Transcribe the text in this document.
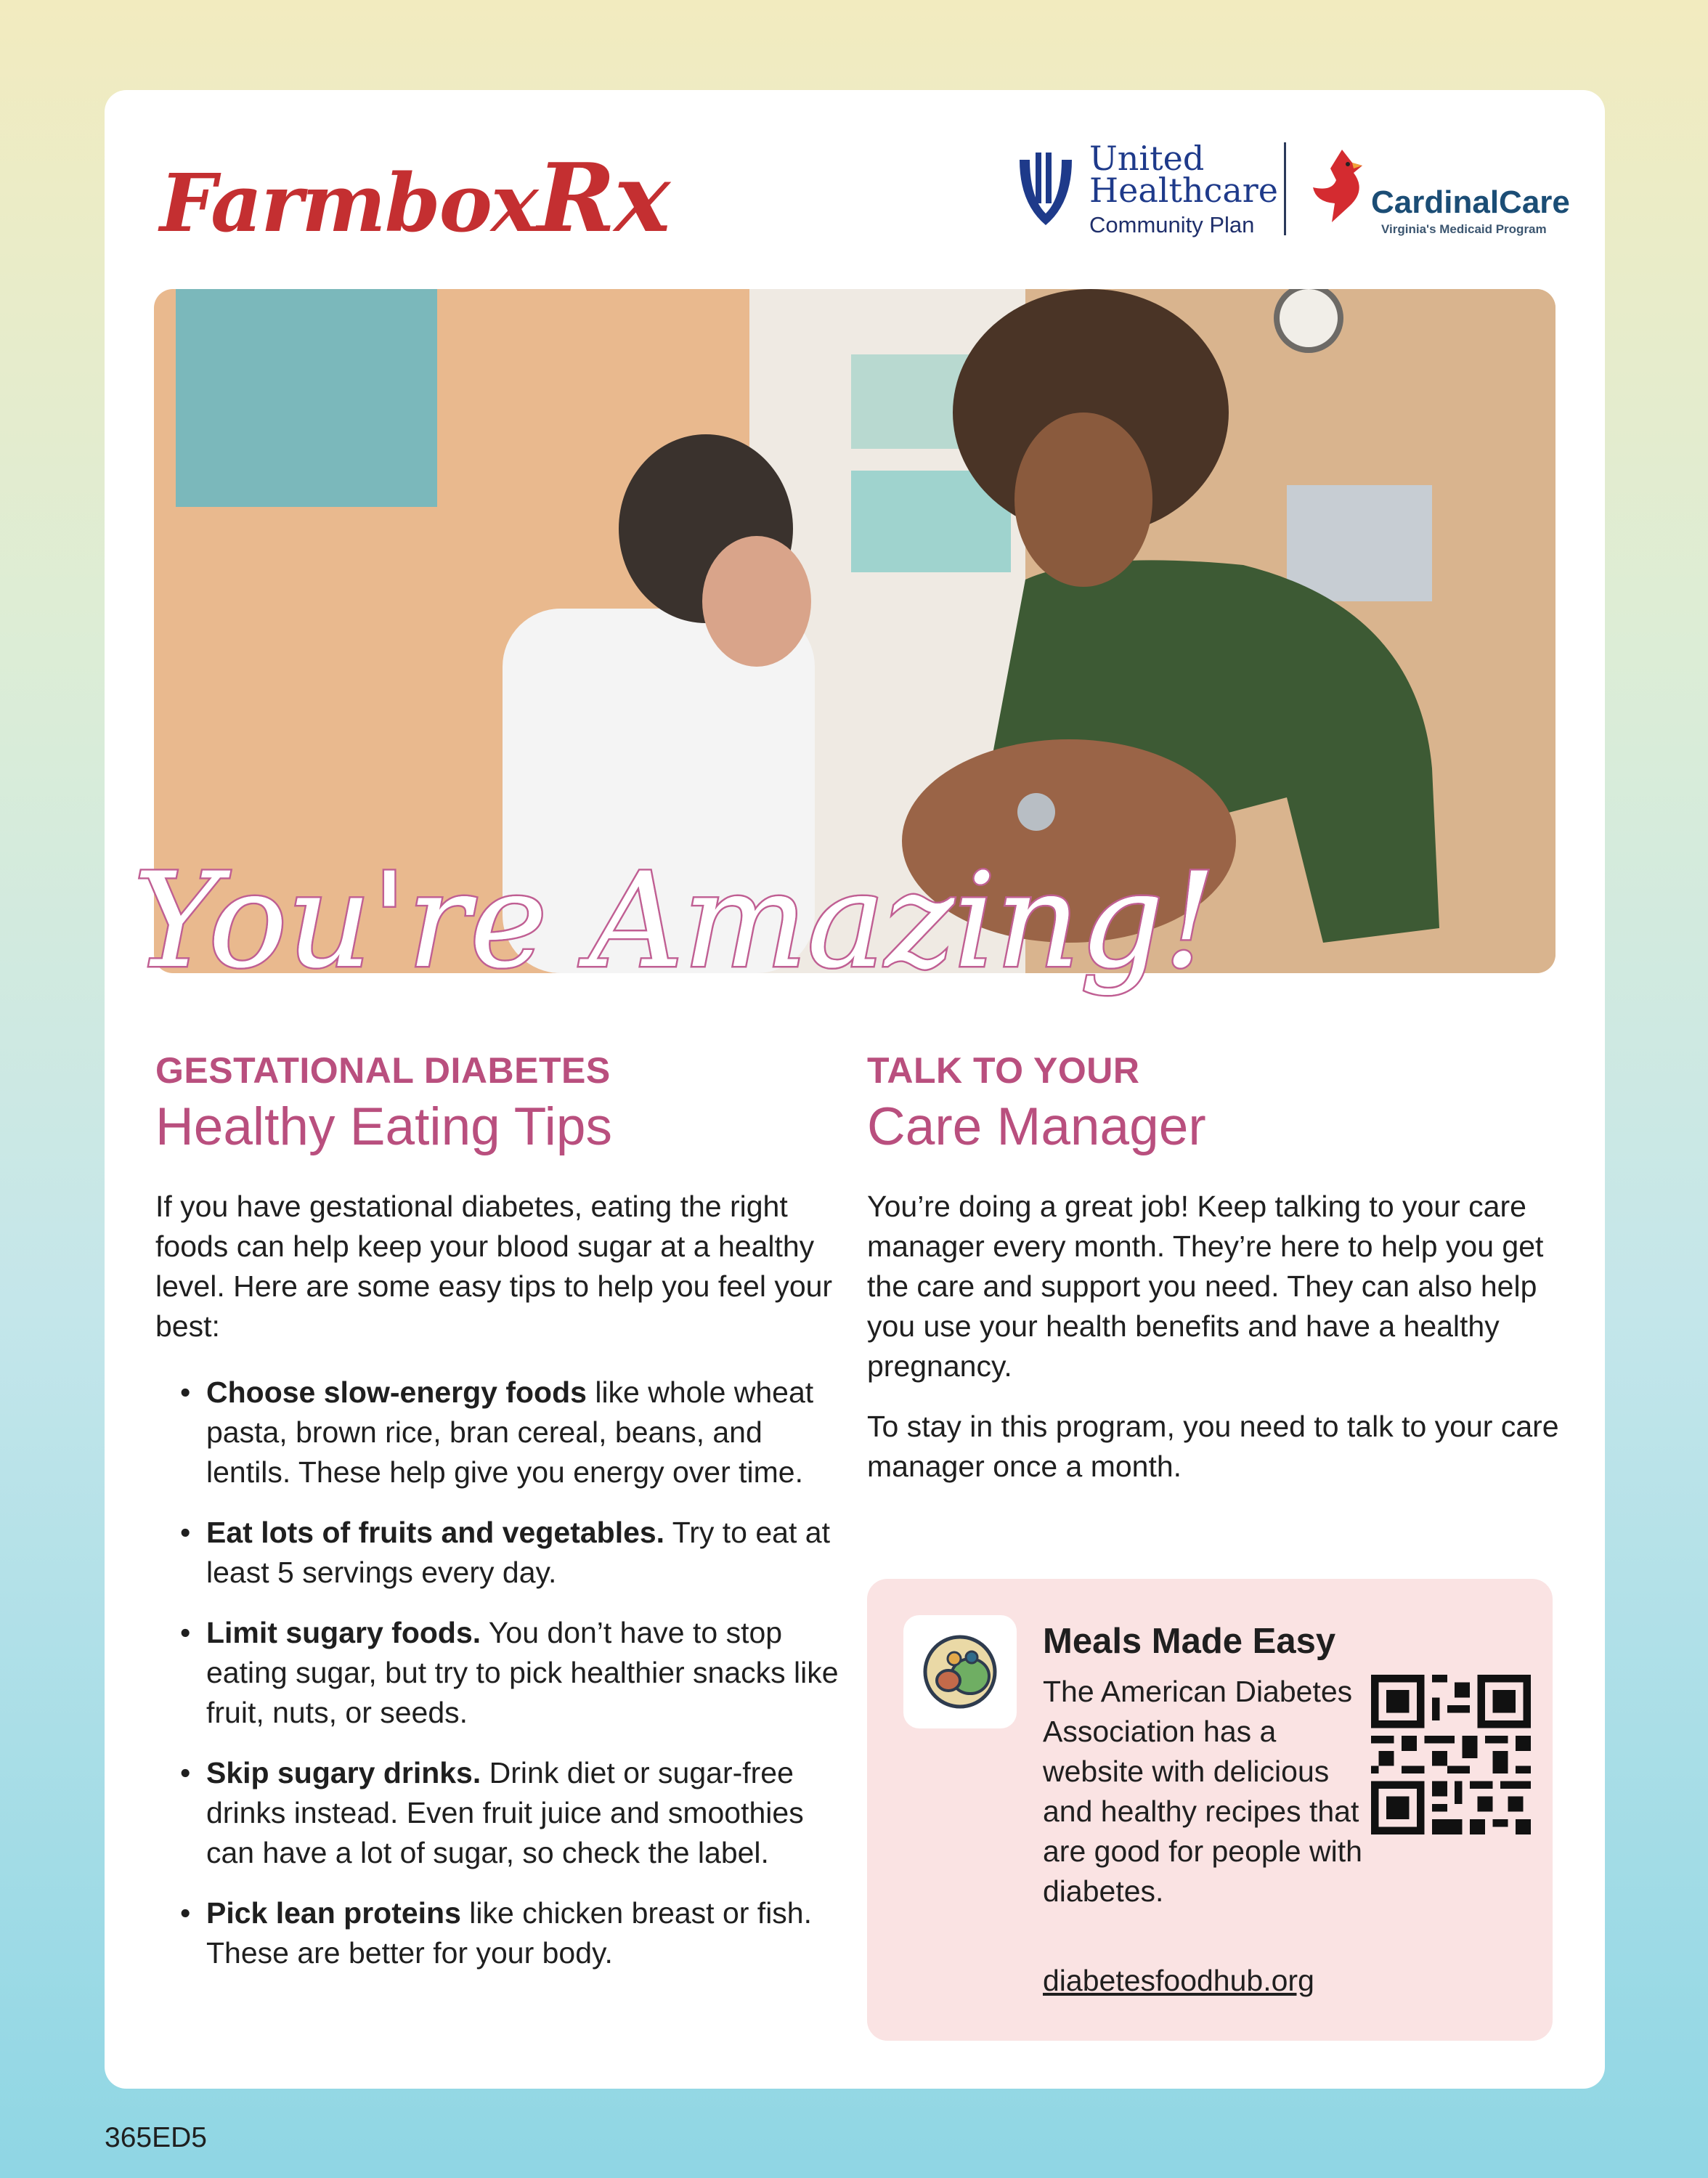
FarmboxRx	United
Healthcare
Community Plan
CardinalCare
Virginia's Medicaid Program
You're Amazing!
GESTATIONAL DIABETES
Healthy Eating Tips
If you have gestational diabetes, eating the right foods can help keep your blood sugar at a healthy level. Here are some easy tips to help you feel your best:
• Choose slow-energy foods like whole wheat pasta, brown rice, bran cereal, beans, and lentils. These help give you energy over time.
• Eat lots of fruits and vegetables. Try to eat at least 5 servings every day.
• Limit sugary foods. You don’t have to stop eating sugar, but try to pick healthier snacks like fruit, nuts, or seeds.
• Skip sugary drinks. Drink diet or sugar-free drinks instead. Even fruit juice and smoothies can have a lot of sugar, so check the label.
• Pick lean proteins like chicken breast or fish. These are better for your body.
TALK TO YOUR
Care Manager
You’re doing a great job! Keep talking to your care manager every month. They’re here to help you get the care and support you need. They can also help you use your health benefits and have a healthy pregnancy.
To stay in this program, you need to talk to your care manager once a month.
Meals Made Easy
The American Diabetes Association has a website with delicious and healthy recipes that are good for people with diabetes.
diabetesfoodhub.org
365ED5
